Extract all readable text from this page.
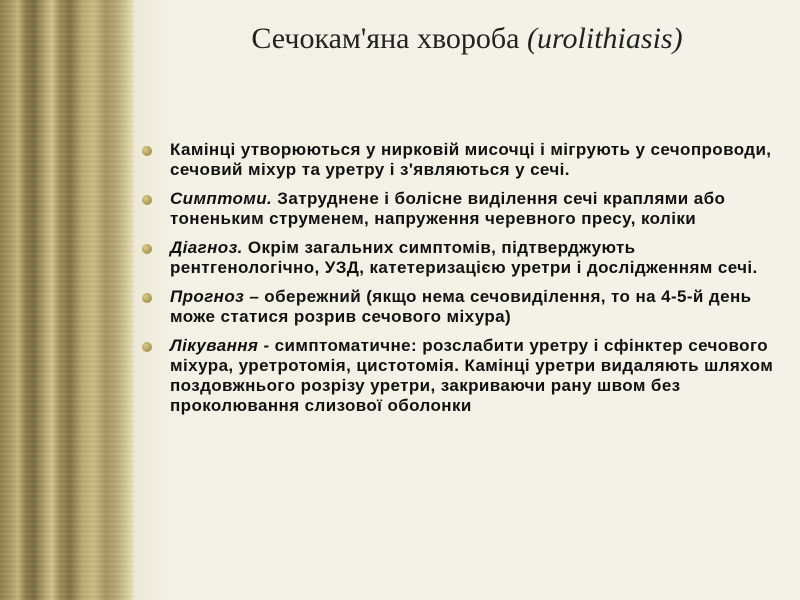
Сечокам'яна хвороба (urolithiasis)
Камінці утворюються у нирковій мисочці і мігрують у сечопроводи, сечовий міхур та уретру і з'являються у сечі.
Симптоми. Затруднене і болісне виділення сечі краплями або тоненьким струменем, напруження черевного пресу, коліки
Діагноз. Окрім загальних симптомів, підтверджують рентгенологічно, УЗД, катетеризацією уретри і дослідженням сечі.
Прогноз – обережний (якщо нема сечовиділення, то на 4-5-й день може статися розрив сечового міхура)
Лікування - симптоматичне: розслабити уретру і сфінктер сечового міхура, уретротомія, цистотомія. Камінці уретри видаляють шляхом поздовжнього розрізу уретри, закриваючи рану швом без проколювання слизової оболонки
